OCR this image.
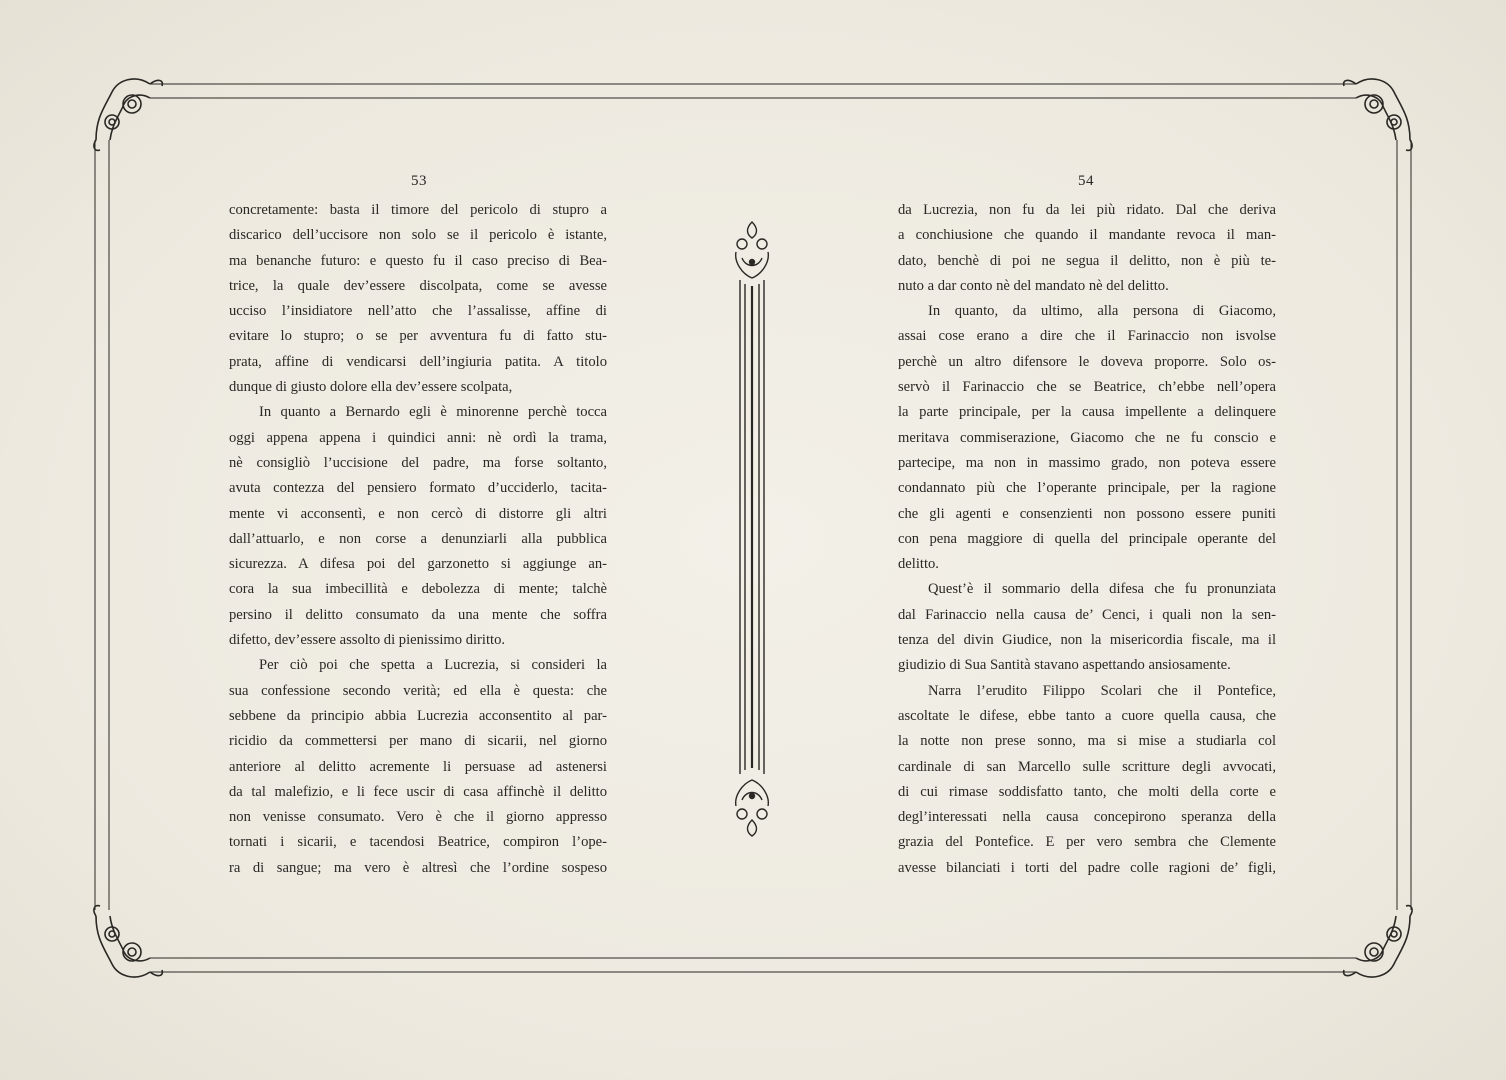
53	54
concretamente: basta il timore del pericolo di stupro a
discarico dell’uccisore non solo se il pericolo è istante,
ma benanche futuro: e questo fu il caso preciso di Bea-
trice, la quale dev’essere discolpata, come se avesse
ucciso l’insidiatore nell’atto che l’assalisse, affine di
evitare lo stupro; o se per avventura fu di fatto stu-
prata, affine di vendicarsi dell’ingiuria patita. A titolo
dunque di giusto dolore ella dev’essere scolpata,
In quanto a Bernardo egli è minorenne perchè tocca
oggi appena appena i quindici anni: nè ordì la trama,
nè consigliò l’uccisione del padre, ma forse soltanto,
avuta contezza del pensiero formato d’ucciderlo, tacita-
mente vi acconsentì, e non cercò di distorre gli altri
dall’attuarlo, e non corse a denunziarli alla pubblica
sicurezza. A difesa poi del garzonetto si aggiunge an-
cora la sua imbecillità e debolezza di mente; talchè
persino il delitto consumato da una mente che soffra
difetto, dev’essere assolto di pienissimo diritto.
Per ciò poi che spetta a Lucrezia, si consideri la
sua confessione secondo verità; ed ella è questa: che
sebbene da principio abbia Lucrezia acconsentito al par-
ricidio da commettersi per mano di sicarii, nel giorno
anteriore al delitto acremente li persuase ad astenersi
da tal malefizio, e li fece uscir di casa affinchè il delitto
non venisse consumato. Vero è che il giorno appresso
tornati i sicarii, e tacendosi Beatrice, compiron l’ope-
ra di sangue; ma vero è altresì che l’ordine sospeso
da Lucrezia, non fu da lei più ridato. Dal che deriva
a conchiusione che quando il mandante revoca il man-
dato, benchè di poi ne segua il delitto, non è più te-
nuto a dar conto nè del mandato nè del delitto.
In quanto, da ultimo, alla persona di Giacomo,
assai cose erano a dire che il Farinaccio non isvolse
perchè un altro difensore le doveva proporre. Solo os-
servò il Farinaccio che se Beatrice, ch’ebbe nell’opera
la parte principale, per la causa impellente a delinquere
meritava commiserazione, Giacomo che ne fu conscio e
partecipe, ma non in massimo grado, non poteva essere
condannato più che l’operante principale, per la ragione
che gli agenti e consenzienti non possono essere puniti
con pena maggiore di quella del principale operante del
delitto.
Quest’è il sommario della difesa che fu pronunziata
dal Farinaccio nella causa de’ Cenci, i quali non la sen-
tenza del divin Giudice, non la misericordia fiscale, ma il
giudizio di Sua Santità stavano aspettando ansiosamente.
Narra l’erudito Filippo Scolari che il Pontefice,
ascoltate le difese, ebbe tanto a cuore quella causa, che
la notte non prese sonno, ma si mise a studiarla col
cardinale di san Marcello sulle scritture degli avvocati,
di cui rimase soddisfatto tanto, che molti della corte e
degl’interessati nella causa concepirono speranza della
grazia del Pontefice. E per vero sembra che Clemente
avesse bilanciati i torti del padre colle ragioni de’ figli,
